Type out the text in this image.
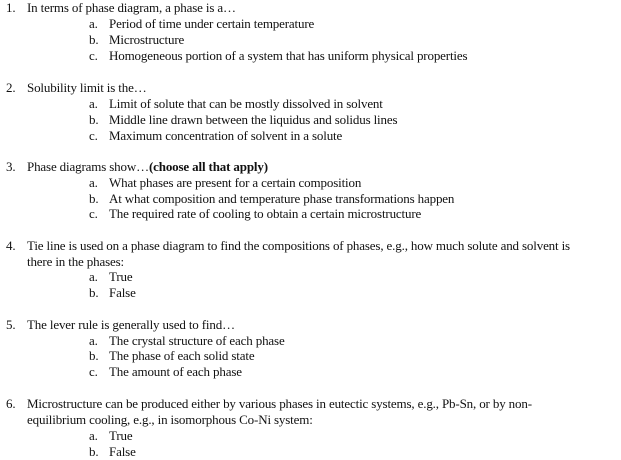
1. In terms of phase diagram, a phase is a…
a. Period of time under certain temperature
b. Microstructure
c. Homogeneous portion of a system that has uniform physical properties
2. Solubility limit is the…
a. Limit of solute that can be mostly dissolved in solvent
b. Middle line drawn between the liquidus and solidus lines
c. Maximum concentration of solvent in a solute
3. Phase diagrams show…(choose all that apply)
a. What phases are present for a certain composition
b. At what composition and temperature phase transformations happen
c. The required rate of cooling to obtain a certain microstructure
4. Tie line is used on a phase diagram to find the compositions of phases, e.g., how much solute and solvent is
there in the phases:
a. True
b. False
5. The lever rule is generally used to find…
a. The crystal structure of each phase
b. The phase of each solid state
c. The amount of each phase
6. Microstructure can be produced either by various phases in eutectic systems, e.g., Pb-Sn, or by non-
equilibrium cooling, e.g., in isomorphous Co-Ni system:
a. True
b. False
